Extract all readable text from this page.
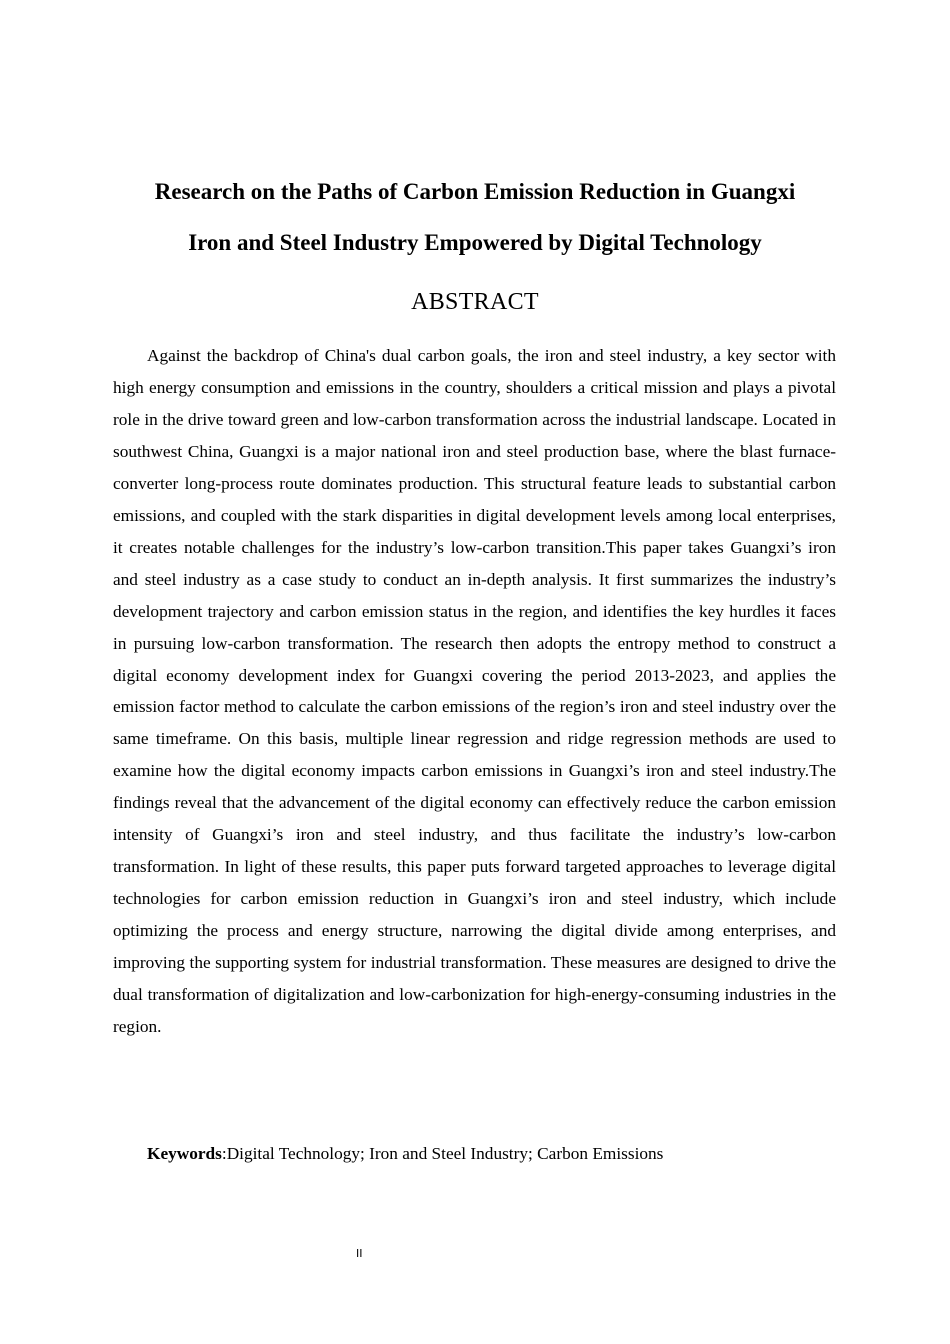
Research on the Paths of Carbon Emission Reduction in Guangxi
Iron and Steel Industry Empowered by Digital Technology
ABSTRACT

Against the backdrop of China's dual carbon goals, the iron and steel industry, a key sector with high energy consumption and emissions in the country, shoulders a critical mission and plays a pivotal role in the drive toward green and low-carbon transformation across the industrial landscape. Located in southwest China, Guangxi is a major national iron and steel production base, where the blast furnace-converter long-process route dominates production. This structural feature leads to substantial carbon emissions, and coupled with the stark disparities in digital development levels among local enterprises, it creates notable challenges for the industry’s low-carbon transition.This paper takes Guangxi’s iron and steel industry as a case study to conduct an in-depth analysis. It first summarizes the industry’s development trajectory and carbon emission status in the region, and identifies the key hurdles it faces in pursuing low-carbon transformation. The research then adopts the entropy method to construct a digital economy development index for Guangxi covering the period 2013-2023, and applies the emission factor method to calculate the carbon emissions of the region’s iron and steel industry over the same timeframe. On this basis, multiple linear regression and ridge regression methods are used to examine how the digital economy impacts carbon emissions in Guangxi’s iron and steel industry.The findings reveal that the advancement of the digital economy can effectively reduce the carbon emission intensity of Guangxi’s iron and steel industry, and thus facilitate the industry’s low-carbon transformation. In light of these results, this paper puts forward targeted approaches to leverage digital technologies for carbon emission reduction in Guangxi’s iron and steel industry, which include optimizing the process and energy structure, narrowing the digital divide among enterprises, and improving the supporting system for industrial transformation. These measures are designed to drive the dual transformation of digitalization and low-carbonization for high-energy-consuming industries in the region.

Keywords:Digital Technology; Iron and Steel Industry; Carbon Emissions

II
